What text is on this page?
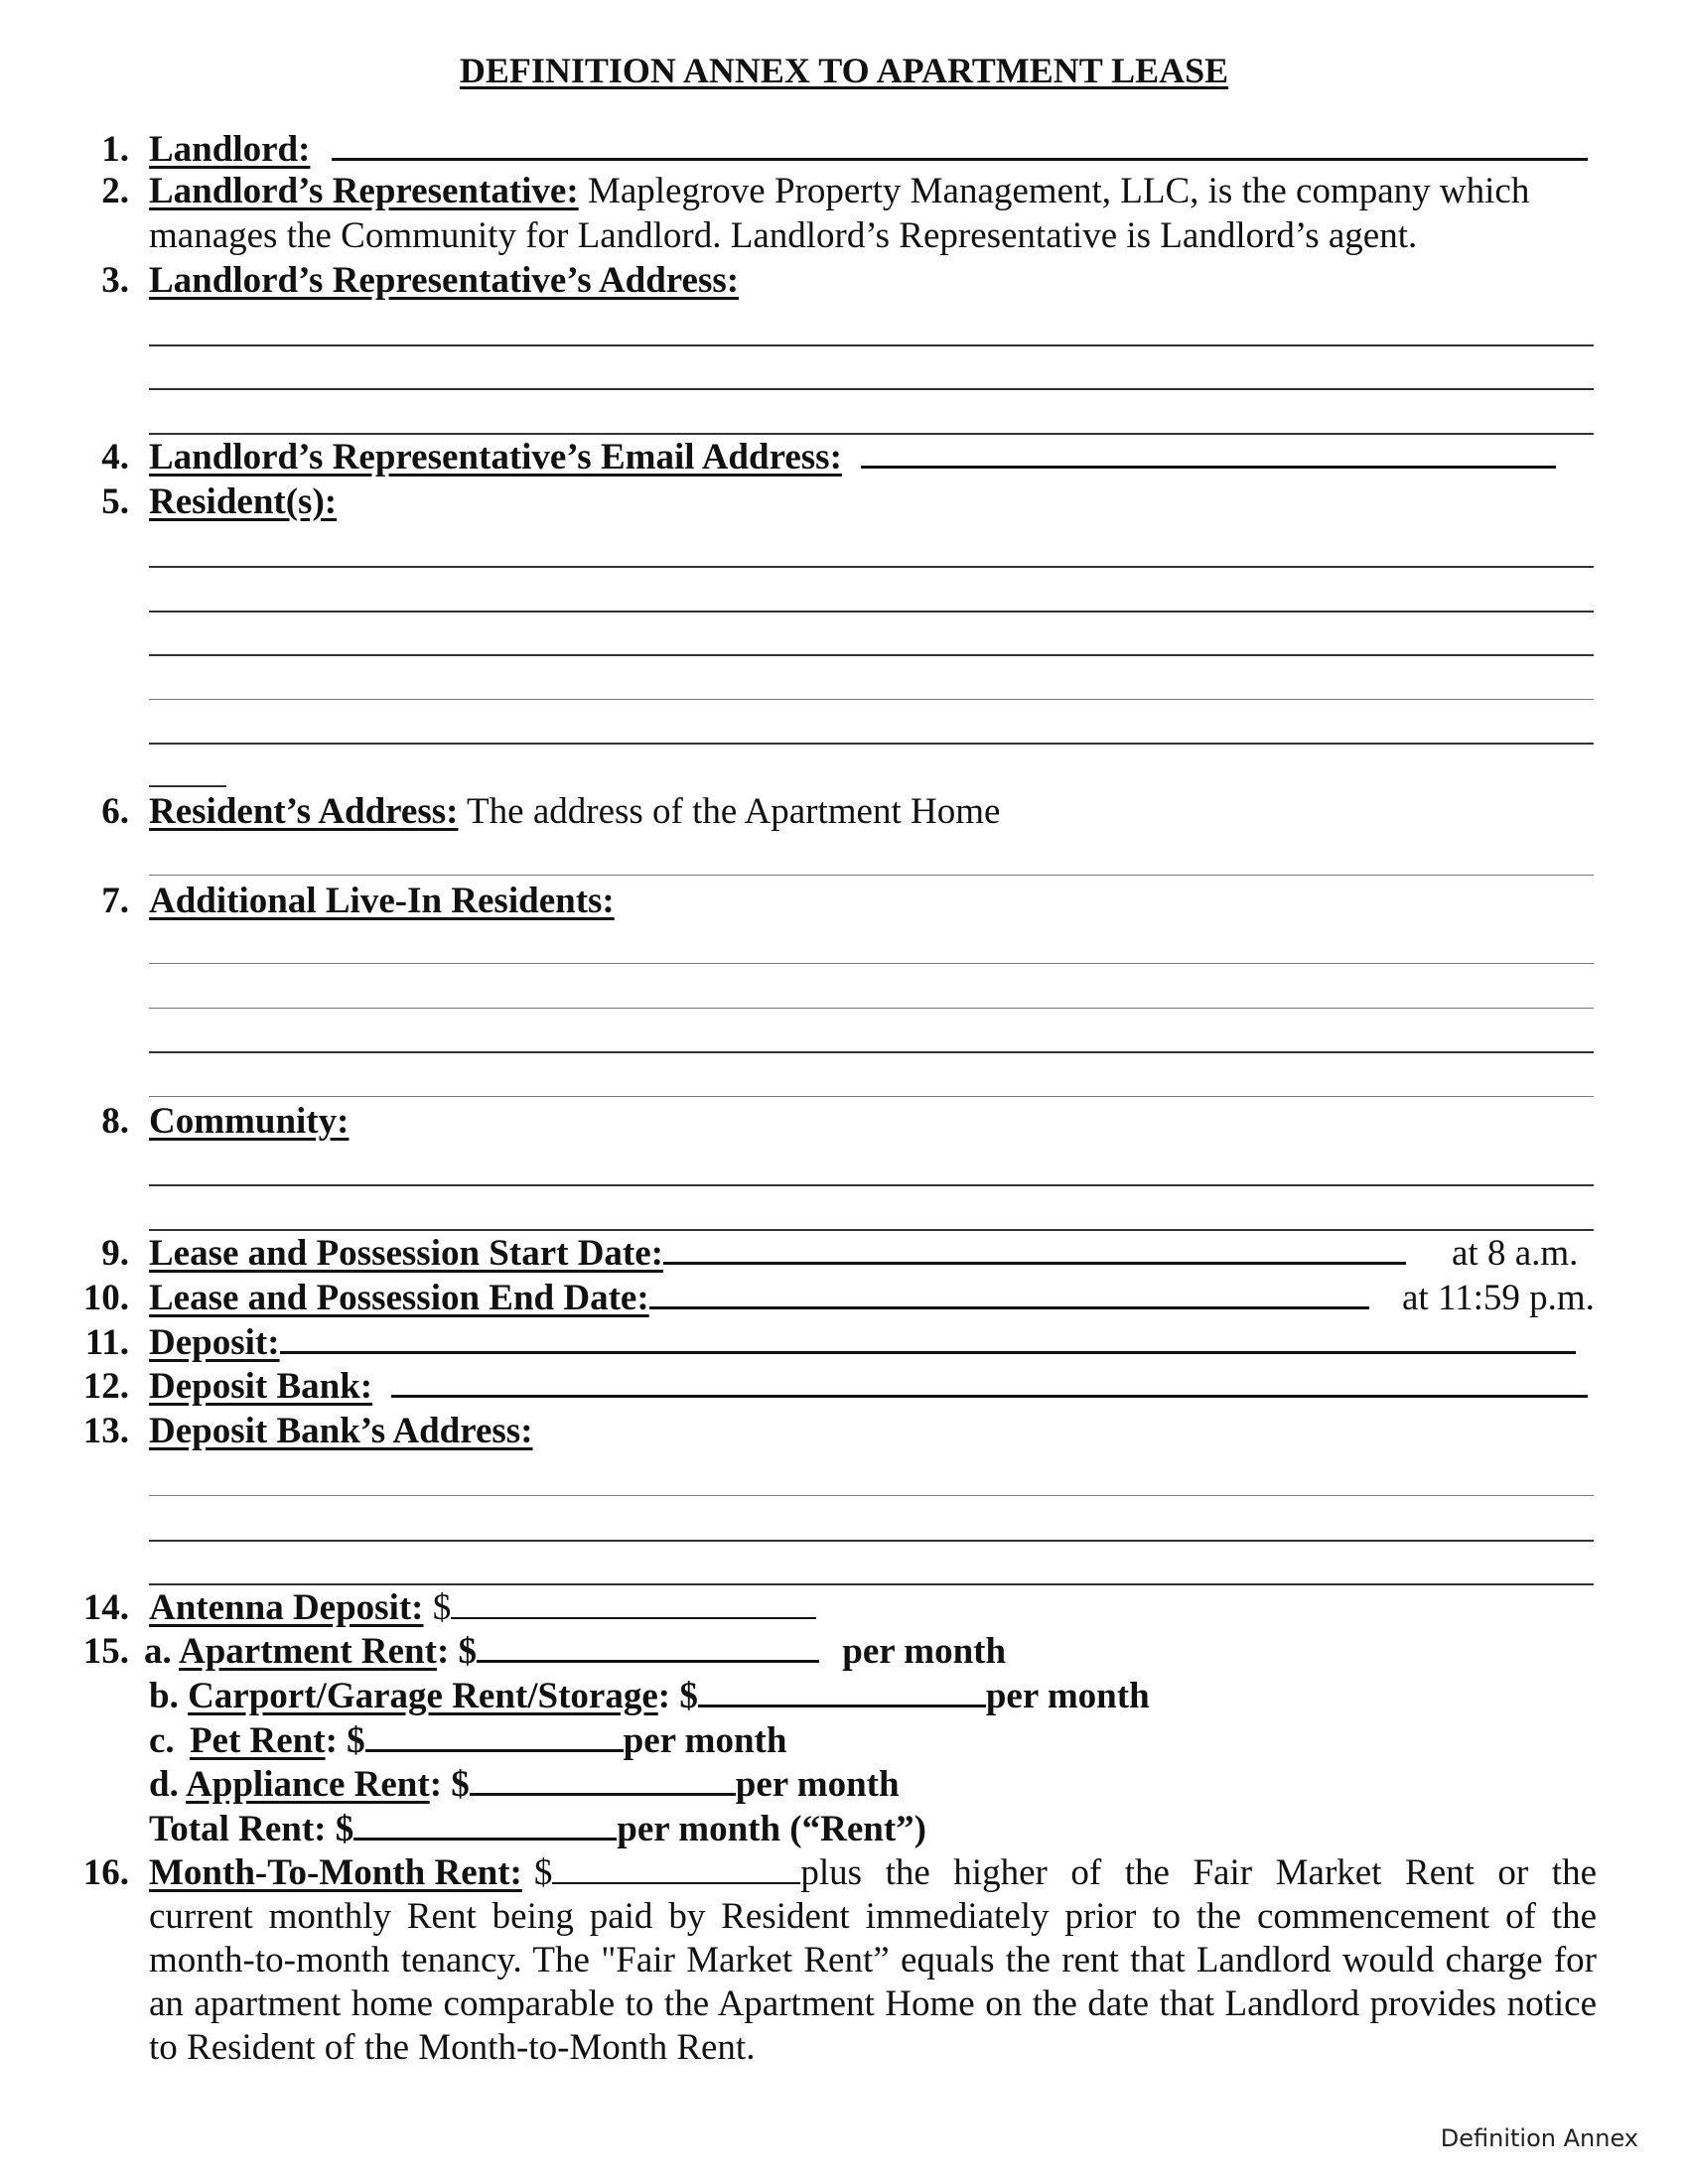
DEFINITION ANNEX TO APARTMENT LEASE
1. Landlord:
2. Landlord’s Representative: Maplegrove Property Management, LLC, is the company which
manages the Community for Landlord. Landlord’s Representative is Landlord’s agent.
3. Landlord’s Representative’s Address:
4. Landlord’s Representative’s Email Address:
5. Resident(s):
6. Resident’s Address: The address of the Apartment Home
7. Additional Live-In Residents:
8. Community:
9. Lease and Possession Start Date:	at 8 a.m.
10. Lease and Possession End Date:	at 11:59 p.m.
11. Deposit:
12. Deposit Bank:
13. Deposit Bank’s Address:
14. Antenna Deposit: $
15. a. Apartment Rent: $	per month
b. Carport/Garage Rent/Storage: $	per month
c. Pet Rent: $	per month
d. Appliance Rent: $	per month
Total Rent: $	per month (“Rent”)
16. Month-To-Month Rent: $	plus the higher of the Fair Market Rent or the
current monthly Rent being paid by Resident immediately prior to the commencement of the month-to-month tenancy. The "Fair Market Rent” equals the rent that Landlord would charge for an apartment home comparable to the Apartment Home on the date that Landlord provides notice to Resident of the Month-to-Month Rent.
Definition Annex
